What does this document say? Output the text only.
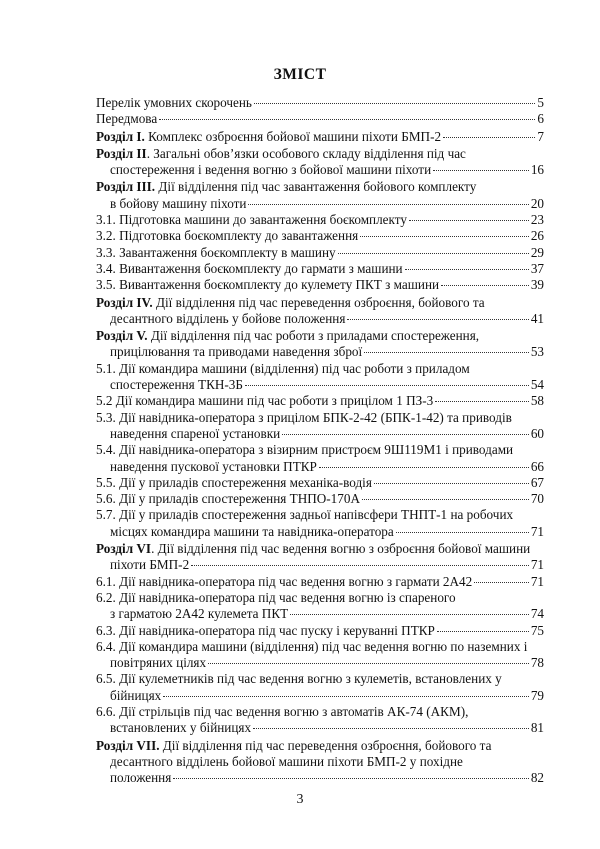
ЗМІСТ
Перелік умовних скорочень	5
Передмова	6
Розділ І. Комплекс озброєння бойової машини піхоти БМП-2	7
Розділ ІІ. Загальні обов’язки особового складу відділення під час
спостереження і ведення вогню з бойової машини піхоти	16
Розділ ІІІ. Дії відділення під час завантаження бойового комплекту
в бойову машину піхоти	20
3.1. Підготовка машини до завантаження боєкомплекту	23
3.2. Підготовка боєкомплекту до завантаження	26
3.3. Завантаження боєкомплекту в машину	29
3.4. Вивантаження боєкомплекту до гармати з машини	37
3.5. Вивантаження боєкомплекту до кулемету ПКТ з машини	39
Розділ IV. Дії відділення під час переведення озброєння, бойового та
десантного відділень у бойове положення	41
Розділ V. Дії відділення під час роботи з приладами спостереження,
прицілювання та приводами наведення зброї	53
5.1. Дії командира машини (відділення) під час роботи з приладом
спостереження ТКН-3Б	54
5.2 Дії командира машини під час роботи з прицілом 1 ПЗ-3	58
5.3. Дії навідника-оператора з прицілом БПК-2-42 (БПК-1-42) та приводів
наведення спареної установки	60
5.4. Дії навідника-оператора з візирним пристроєм 9Ш119М1 і приводами
наведення пускової установки ПТКР	66
5.5. Дії у приладів спостереження механіка-водія	67
5.6. Дії у приладів спостереження ТНПО-170А	70
5.7. Дії у приладів спостереження задньої напівсфери ТНПТ-1 на робочих
місцях командира машини та навідника-оператора	71
Розділ VI. Дії відділення під час ведення вогню з озброєння бойової машини
піхоти БМП-2	71
6.1. Дії навідника-оператора під час ведення вогню з гармати 2А42	71
6.2. Дії навідника-оператора під час ведення вогню із спареного
з гарматою 2А42 кулемета ПКТ	74
6.3. Дії навідника-оператора під час пуску і керуванні ПТКР	75
6.4. Дії командира машини (відділення) під час ведення вогню по наземних і
повітряних цілях	78
6.5. Дії кулеметників під час ведення вогню з кулеметів, встановлених у
бійницях	79
6.6. Дії стрільців під час ведення вогню з автоматів АК-74 (АКМ),
встановлених у бійницях	81
Розділ VII. Дії відділення під час переведення озброєння, бойового та
десантного відділень бойової машини піхоти БМП-2 у похідне
положення	82
3
